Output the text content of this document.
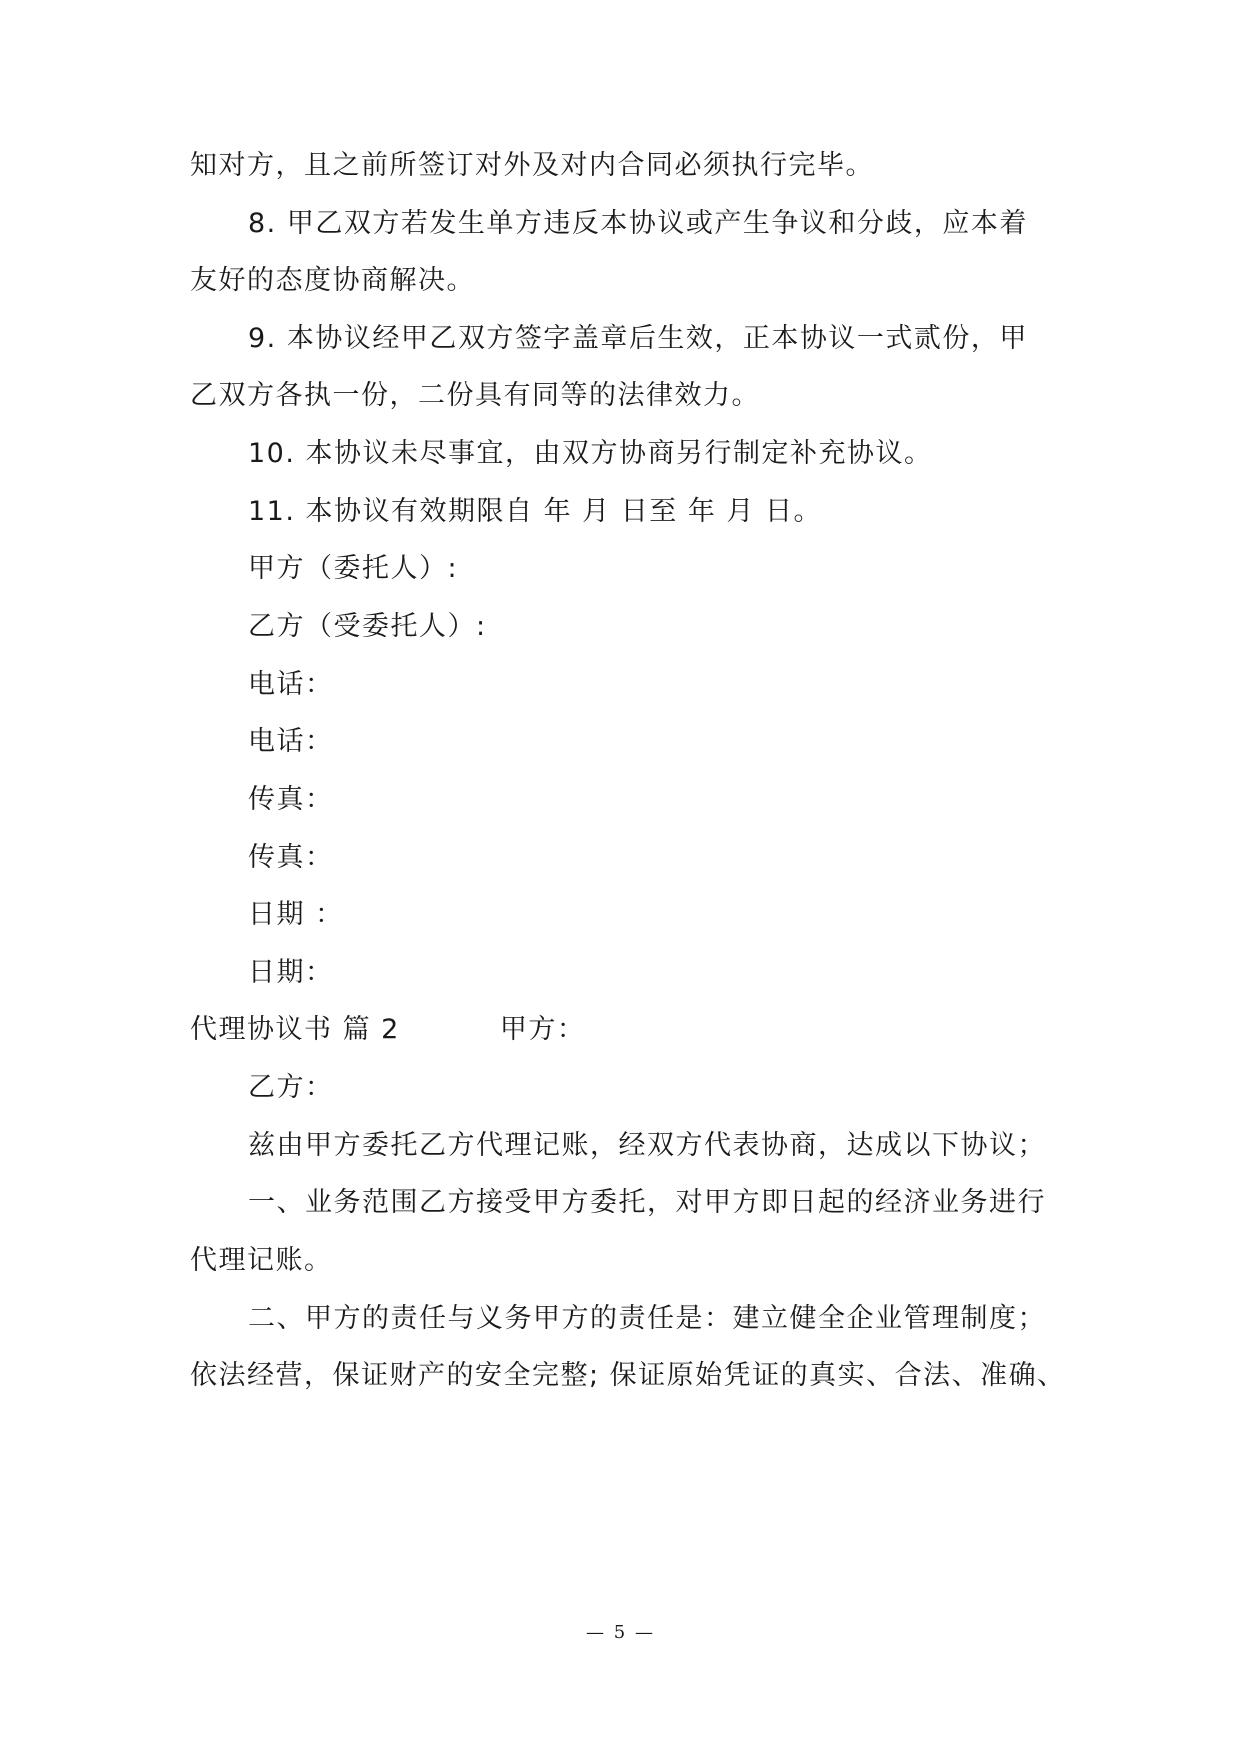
知对方，且之前所签订对外及对内合同必须执行完毕。
8. 甲乙双方若发生单方违反本协议或产生争议和分歧，应本着
友好的态度协商解决。
9. 本协议经甲乙双方签字盖章后生效，正本协议一式贰份，甲
乙双方各执一份，二份具有同等的法律效力。
10. 本协议未尽事宜，由双方协商另行制定补充协议。
11. 本协议有效期限自 年 月 日至 年 月 日。
甲方（委托人）:
乙方（受委托人）:
电话：
电话：
传真：
传真：
日期 ：
日期：
代理协议书 篇 2	甲方：
乙方：
兹由甲方委托乙方代理记账，经双方代表协商，达成以下协议；
一、业务范围乙方接受甲方委托，对甲方即日起的经济业务进行
代理记账。
二、甲方的责任与义务甲方的责任是：建立健全企业管理制度；
依法经营，保证财产的安全完整; 保证原始凭证的真实、合法、准确、
— 5 —
